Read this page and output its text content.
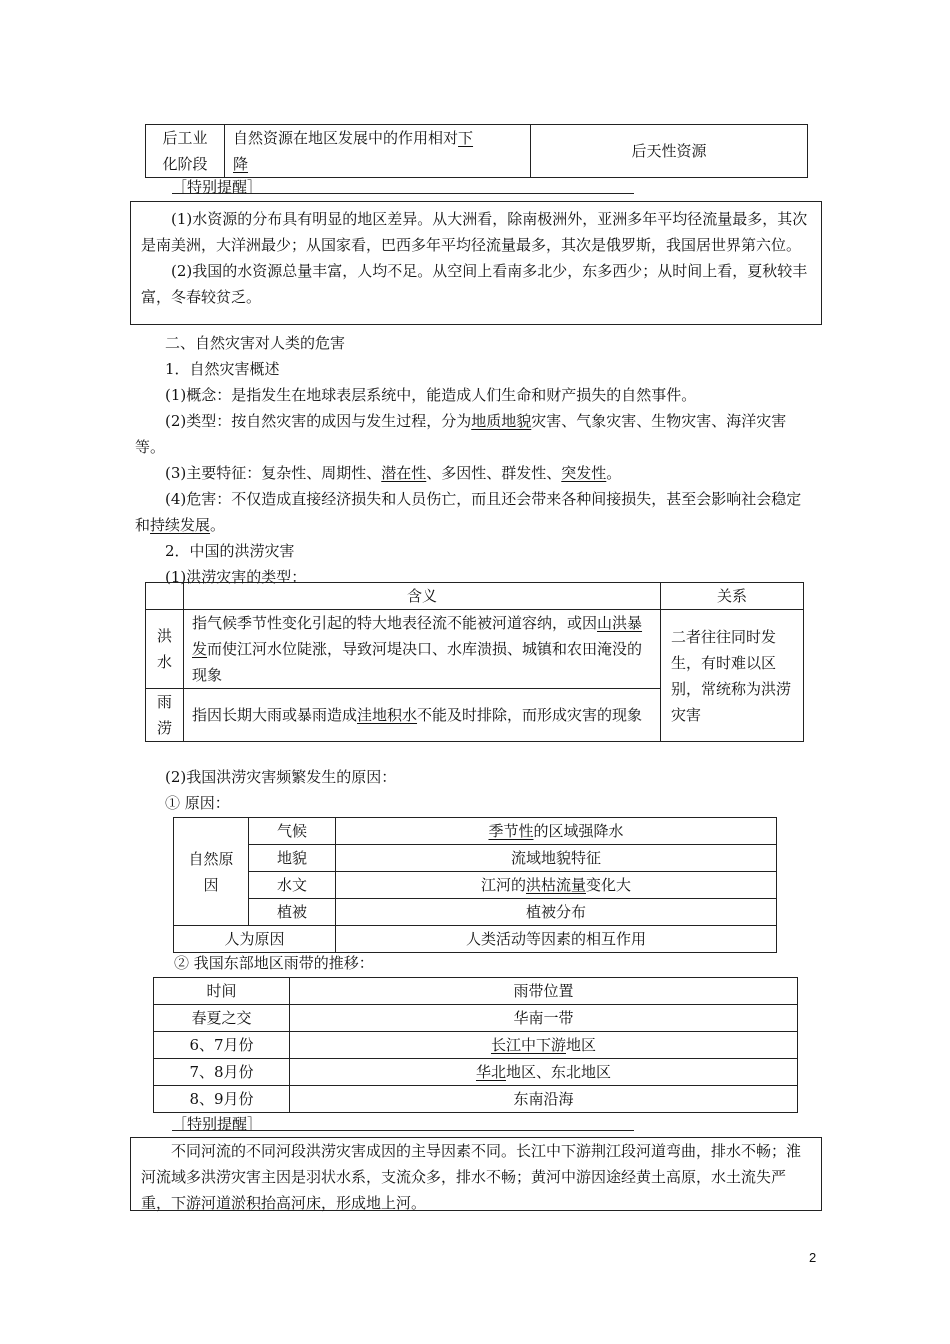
后工业
化阶段
	自然资源在地区发展中的作用相对下
降	后天性资源
［特别提醒］

(1)水资源的分布具有明显的地区差异。从大洲看，除南极洲外，亚洲多年平均径流量最多，其次是南美洲，大洋洲最少；从国家看，巴西多年平均径流量最多，其次是俄罗斯，我国居世界第六位。

(2)我国的水资源总量丰富，人均不足。从空间上看南多北少，东多西少；从时间上看，夏秋较丰富，冬春较贫乏。

二、自然灾害对人类的危害

1．自然灾害概述

(1)概念：是指发生在地球表层系统中，能造成人们生命和财产损失的自然事件。

(2)类型：按自然灾害的成因与发生过程，分为地质地貌灾害、气象灾害、生物灾害、海洋灾害等。

(3)主要特征：复杂性、周期性、潜在性、多因性、群发性、突发性。

(4)危害：不仅造成直接经济损失和人员伤亡，而且还会带来各种间接损失，甚至会影响社会稳定和持续发展。

2．中国的洪涝灾害

(1)洪涝灾害的类型：

	含义	关系

洪
水	指气候季节性变化引起的特大地表径流不能被河道容纳，或因山洪暴发而使江河水位陡涨，导致河堤决口、水库溃损、城镇和农田淹没的现象	二者往往同时发生，有时难以区别，常统称为洪涝灾害

雨
涝	指因长期大雨或暴雨造成洼地积水不能及时排除，而形成灾害的现象	

(2)我国洪涝灾害频繁发生的原因：

① 原因：

自然原
因	气候	季节性的区域强降水
	地貌	流域地貌特征
	水文	江河的洪枯流量变化大
	植被	植被分布
人为原因		人类活动等因素的相互作用
② 我国东部地区雨带的推移：
时间	雨带位置
春夏之交	华南一带
6、7月份	长江中下游地区
7、8月份	华北地区、东北地区
8、9月份	东南沿海
［特别提醒］

不同河流的不同河段洪涝灾害成因的主导因素不同。长江中下游荆江段河道弯曲，排水不畅；淮河流域多洪涝灾害主因是羽状水系，支流众多，排水不畅；黄河中游因途经黄土高原，水土流失严重，下游河道淤积抬高河床，形成地上河。

2
